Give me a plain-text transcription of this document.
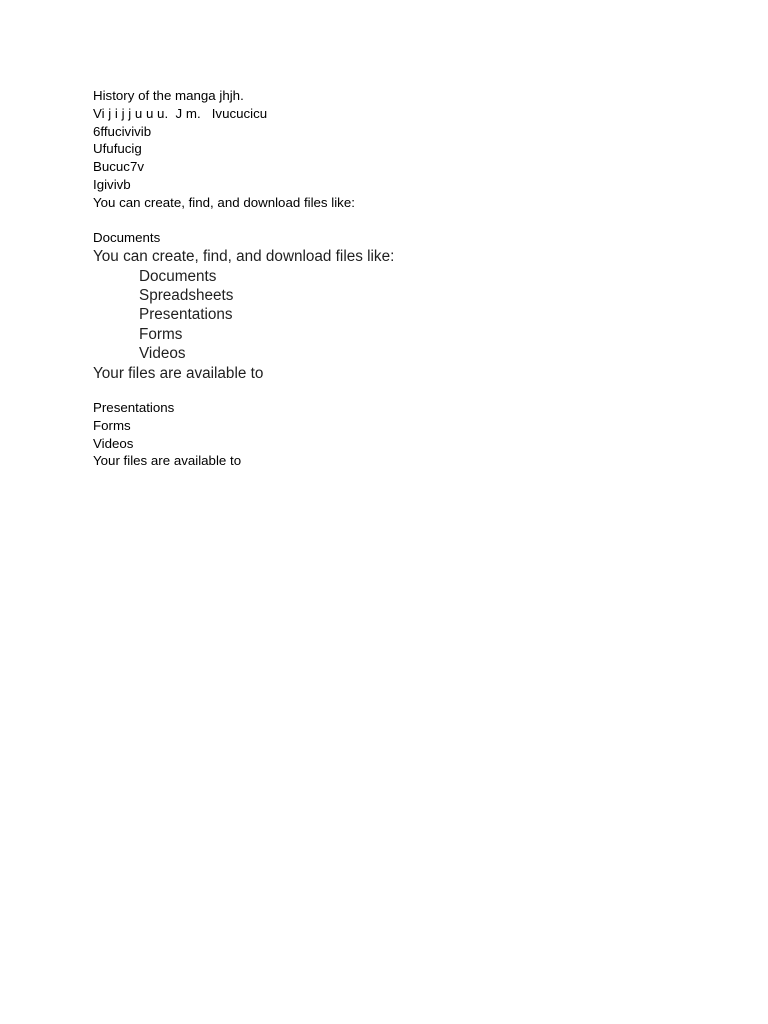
History of the manga jhjh.
Vi j i j j u u u.  J m.   Ivucucicu
6ffucivivib
Ufufucig
Bucuc7v
Igivivb
You can create, find, and download files like:
Documents
You can create, find, and download files like:
Documents
Spreadsheets
Presentations
Forms
Videos
Your files are available to
Presentations
Forms
Videos
Your files are available to
